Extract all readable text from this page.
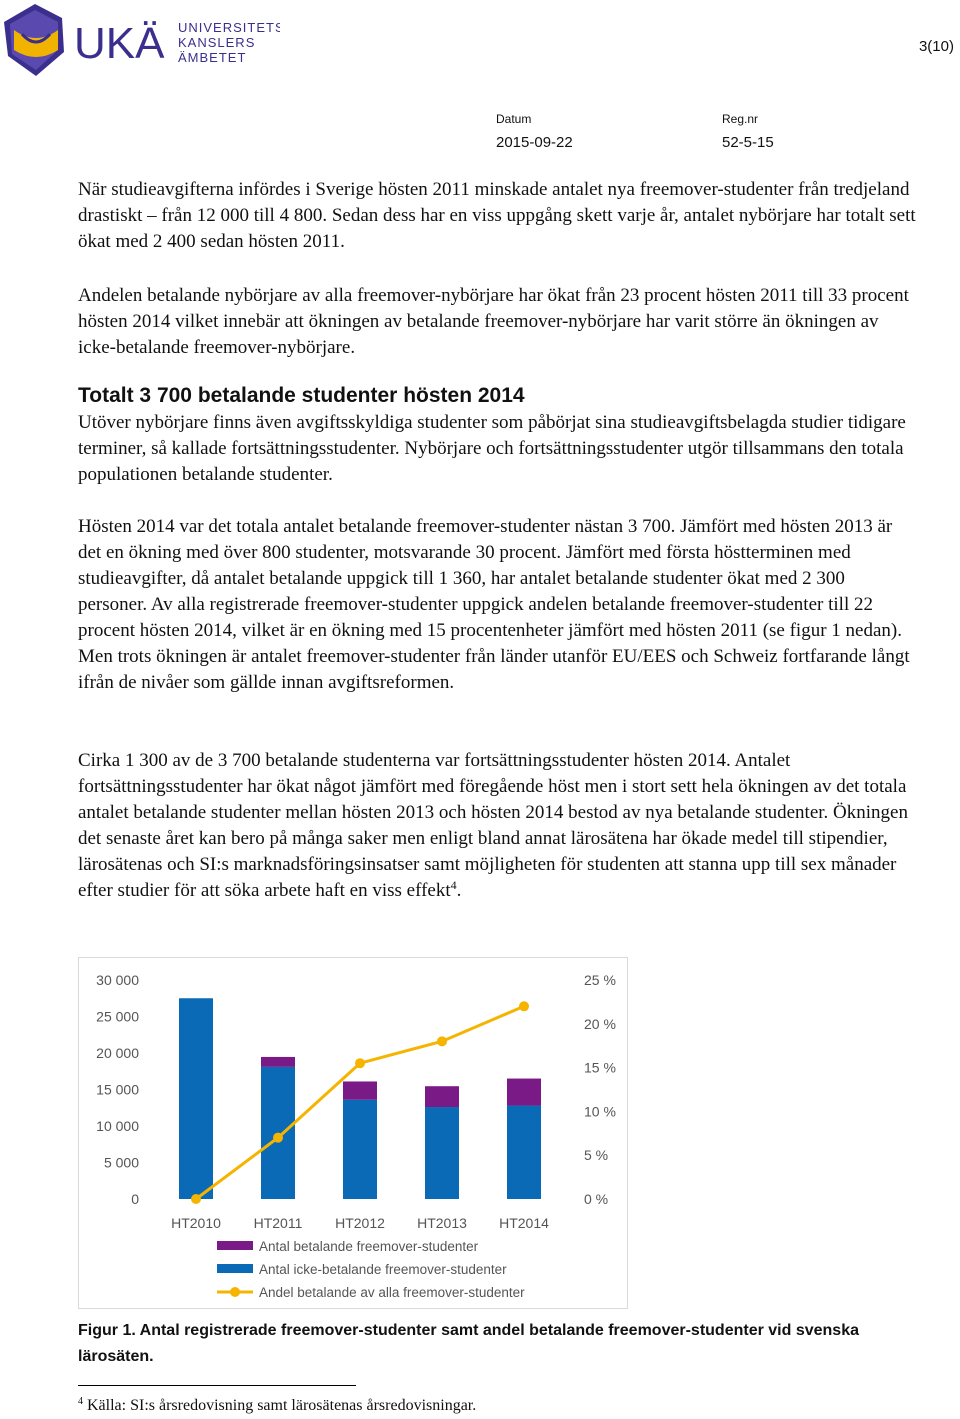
UKÄ UNIVERSITETS
KANSLERS
ÄMBETET
3(10)
Datum
2015-09-22
Reg.nr
52-5-15

När studieavgifterna infördes i Sverige hösten 2011 minskade antalet nya freemover-studenter från tredjeland drastiskt – från 12 000 till 4 800. Sedan dess har en viss uppgång skett varje år, antalet nybörjare har totalt sett ökat med 2 400 sedan hösten 2011.

Andelen betalande nybörjare av alla freemover-nybörjare har ökat från 23 procent hösten 2011 till 33 procent hösten 2014 vilket innebär att ökningen av betalande freemover-nybörjare har varit större än ökningen av icke-betalande freemover-nybörjare.

Totalt 3 700 betalande studenter hösten 2014

Utöver nybörjare finns även avgiftsskyldiga studenter som påbörjat sina studieavgiftsbelagda studier tidigare terminer, så kallade fortsättningsstudenter. Nybörjare och fortsättningsstudenter utgör tillsammans den totala populationen betalande studenter.

Hösten 2014 var det totala antalet betalande freemover-studenter nästan 3 700. Jämfört med hösten 2013 är det en ökning med över 800 studenter, motsvarande 30 procent. Jämfört med första höstterminen med studieavgifter, då antalet betalande uppgick till 1 360, har antalet betalande studenter ökat med 2 300 personer. Av alla registrerade freemover-studenter uppgick andelen betalande freemover-studenter till 22 procent hösten 2014, vilket är en ökning med 15 procentenheter jämfört med hösten 2011 (se figur 1 nedan). Men trots ökningen är antalet freemover-studenter från länder utanför EU/EES och Schweiz fortfarande långt ifrån de nivåer som gällde innan avgiftsreformen.

Cirka 1 300 av de 3 700 betalande studenterna var fortsättningsstudenter hösten 2014. Antalet fortsättningsstudenter har ökat något jämfört med föregående höst men i stort sett hela ökningen av det totala antalet betalande studenter mellan hösten 2013 och hösten 2014 bestod av nya betalande studenter. Ökningen det senaste året kan bero på många saker men enligt bland annat lärosätena har ökade medel till stipendier, lärosätenas och SI:s marknadsföringsinsatser samt möjligheten för studenten att stanna upp till sex månader efter studier för att söka arbete haft en viss effekt$^4$.

0
5 000
10 000
15 000
20 000
25 000
30 000
0 %
5 %
10 %
15 %
20 %
25 %
HT2010 HT2011 HT2012 HT2013 HT2014
Antal betalande freemover-studenter
Antal icke-betalande freemover-studenter
Andel betalande av alla freemover-studenter

Figur 1. Antal registrerade freemover-studenter samt andel betalande freemover-studenter vid svenska lärosäten.

$^4$ Källa: SI:s årsredovisning samt lärosätenas årsredovisningar.
